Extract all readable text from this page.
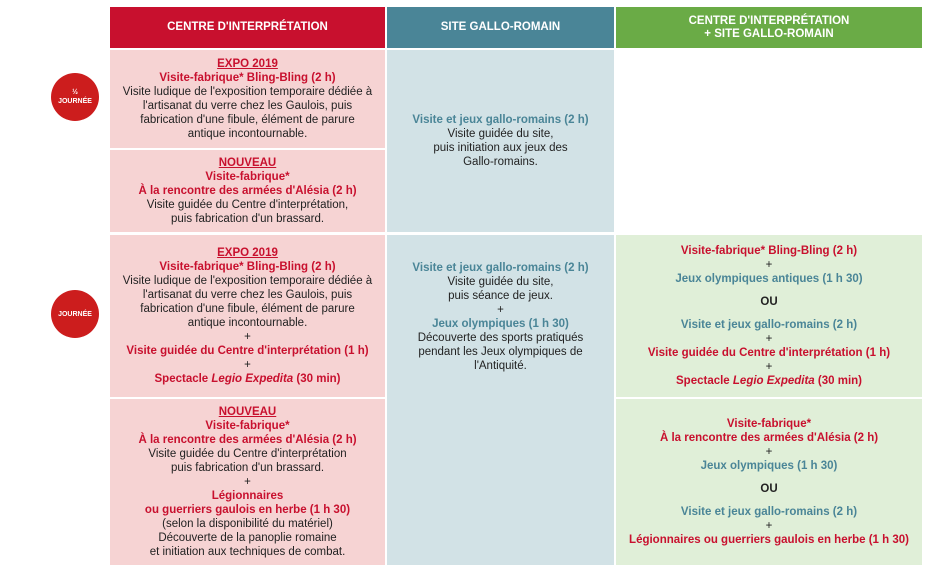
CENTRE D'INTERPRÉTATION	SITE GALLO-ROMAIN
CENTRE D'INTERPRÉTATION
+ SITE GALLO-ROMAIN
½
JOURNÉE
JOURNÉE
EXPO 2019
Visite-fabrique* Bling-Bling (2 h)
Visite ludique de l'exposition temporaire dédiée à
l'artisanat du verre chez les Gaulois, puis
fabrication d'une fibule, élément de parure
antique incontournable.
NOUVEAU
Visite-fabrique*
À la rencontre des armées d'Alésia (2 h)
Visite guidée du Centre d'interprétation,
puis fabrication d'un brassard.
Visite et jeux gallo-romains (2 h)
Visite guidée du site,
puis initiation aux jeux des
Gallo-romains.
EXPO 2019
Visite-fabrique* Bling-Bling (2 h)
Visite ludique de l'exposition temporaire dédiée à
l'artisanat du verre chez les Gaulois, puis
fabrication d'une fibule, élément de parure
antique incontournable.
+
Visite guidée du Centre d'interprétation (1 h)
+
Spectacle Legio Expedita (30 min)
NOUVEAU
Visite-fabrique*
À la rencontre des armées d'Alésia (2 h)
Visite guidée du Centre d'interprétation
puis fabrication d'un brassard.
+
Légionnaires
ou guerriers gaulois en herbe (1 h 30)
(selon la disponibilité du matériel)
Découverte de la panoplie romaine
et initiation aux techniques de combat.
Visite et jeux gallo-romains (2 h)
Visite guidée du site,
puis séance de jeux.
+
Jeux olympiques (1 h 30)
Découverte des sports pratiqués
pendant les Jeux olympiques de
l'Antiquité.
Visite-fabrique* Bling-Bling (2 h)
+
Jeux olympiques antiques (1 h 30)
OU
Visite et jeux gallo-romains (2 h)
+
Visite guidée du Centre d'interprétation (1 h)
+
Spectacle Legio Expedita (30 min)
Visite-fabrique*
À la rencontre des armées d'Alésia (2 h)
+
Jeux olympiques (1 h 30)
OU
Visite et jeux gallo-romains (2 h)
+
Légionnaires ou guerriers gaulois en herbe (1 h 30)
